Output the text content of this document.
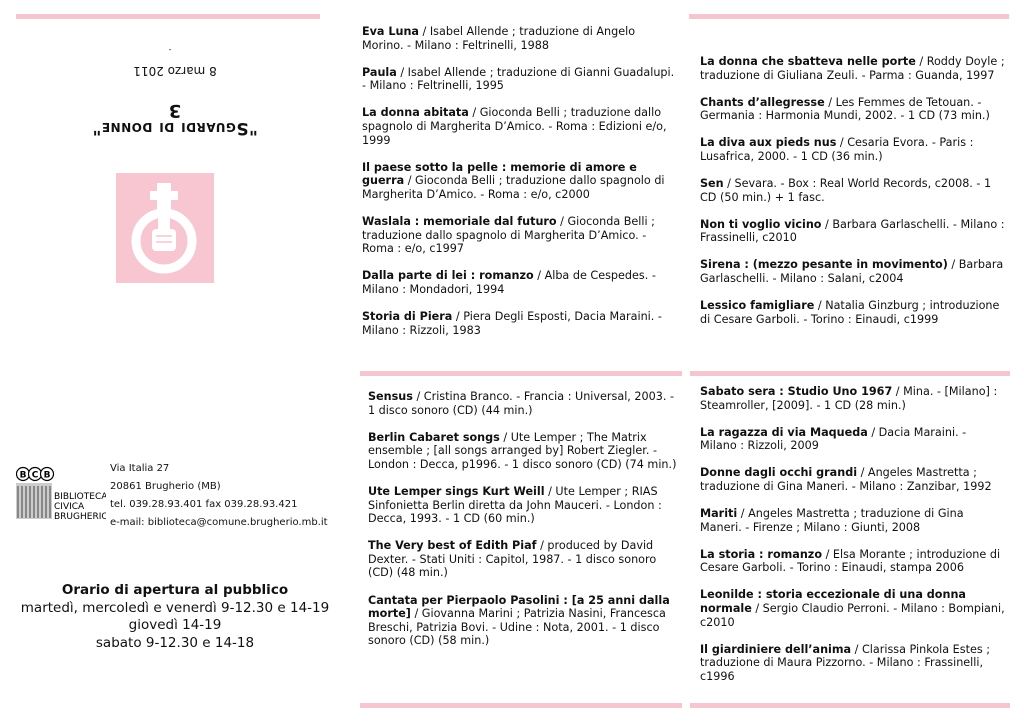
.
8 marzo 2011
3
"Sguardi di donne"
B C B
BIBLIOTECA
CIVICA
BRUGHERIO
Via Italia 27
20861 Brugherio (MB)
tel. 039.28.93.401 fax 039.28.93.421
e-mail: biblioteca@comune.brugherio.mb.it
Orario di apertura al pubblico
martedì, mercoledì e venerdì 9-12.30 e 14-19
giovedì 14-19
sabato 9-12.30 e 14-18
Eva Luna / Isabel Allende ; traduzione di Angelo Morino. - Milano : Feltrinelli, 1988
Paula / Isabel Allende ; traduzione di Gianni Guadalupi. - Milano : Feltrinelli, 1995
La donna abitata / Gioconda Belli ; traduzione dallo spagnolo di Margherita D’Amico. - Roma : Edizioni e/o, 1999
Il paese sotto la pelle : memorie di amore e guerra / Gioconda Belli ; traduzione dallo spagnolo di Margherita D’Amico. - Roma : e/o, c2000
Waslala : memoriale dal futuro / Gioconda Belli ; traduzione dallo spagnolo di Margherita D’Amico. - Roma : e/o, c1997
Dalla parte di lei : romanzo / Alba de Cespedes. - Milano : Mondadori, 1994
Storia di Piera / Piera Degli Esposti, Dacia Maraini. - Milano : Rizzoli, 1983
Sensus / Cristina Branco. - Francia : Universal, 2003. - 1 disco sonoro (CD) (44 min.)
Berlin Cabaret songs / Ute Lemper ; The Matrix ensemble ; [all songs arranged by] Robert Ziegler. - London : Decca, p1996. - 1 disco sonoro (CD) (74 min.)
Ute Lemper sings Kurt Weill / Ute Lemper ; RIAS Sinfonietta Berlin diretta da John Mauceri. - London : Decca, 1993. - 1 CD (60 min.)
The Very best of Edith Piaf / produced by David Dexter. - Stati Uniti : Capitol, 1987. - 1 disco sonoro (CD) (48 min.)
Cantata per Pierpaolo Pasolini : [a 25 anni dalla morte] / Giovanna Marini ; Patrizia Nasini, Francesca Breschi, Patrizia Bovi. - Udine : Nota, 2001. - 1 disco sonoro (CD) (58 min.)
La donna che sbatteva nelle porte / Roddy Doyle ; traduzione di Giuliana Zeuli. - Parma : Guanda, 1997
Chants d’allegresse / Les Femmes de Tetouan. - Germania : Harmonia Mundi, 2002. - 1 CD (73 min.)
La diva aux pieds nus / Cesaria Evora. - Paris : Lusafrica, 2000. - 1 CD (36 min.)
Sen / Sevara. - Box : Real World Records, c2008. - 1 CD (50 min.) + 1 fasc.
Non ti voglio vicino / Barbara Garlaschelli. - Milano : Frassinelli, c2010
Sirena : (mezzo pesante in movimento) / Barbara Garlaschelli. - Milano : Salani, c2004
Lessico famigliare / Natalia Ginzburg ; introduzione di Cesare Garboli. - Torino : Einaudi, c1999
Sabato sera : Studio Uno 1967 / Mina. - [Milano] : Steamroller, [2009]. - 1 CD (28 min.)
La ragazza di via Maqueda / Dacia Maraini. - Milano : Rizzoli, 2009
Donne dagli occhi grandi / Angeles Mastretta ; traduzione di Gina Maneri. - Milano : Zanzibar, 1992
Mariti / Angeles Mastretta ; traduzione di Gina Maneri. - Firenze ; Milano : Giunti, 2008
La storia : romanzo / Elsa Morante ; introduzione di Cesare Garboli. - Torino : Einaudi, stampa 2006
Leonilde : storia eccezionale di una donna normale / Sergio Claudio Perroni. - Milano : Bompiani, c2010
Il giardiniere dell’anima / Clarissa Pinkola Estes ; traduzione di Maura Pizzorno. - Milano : Frassinelli, c1996
